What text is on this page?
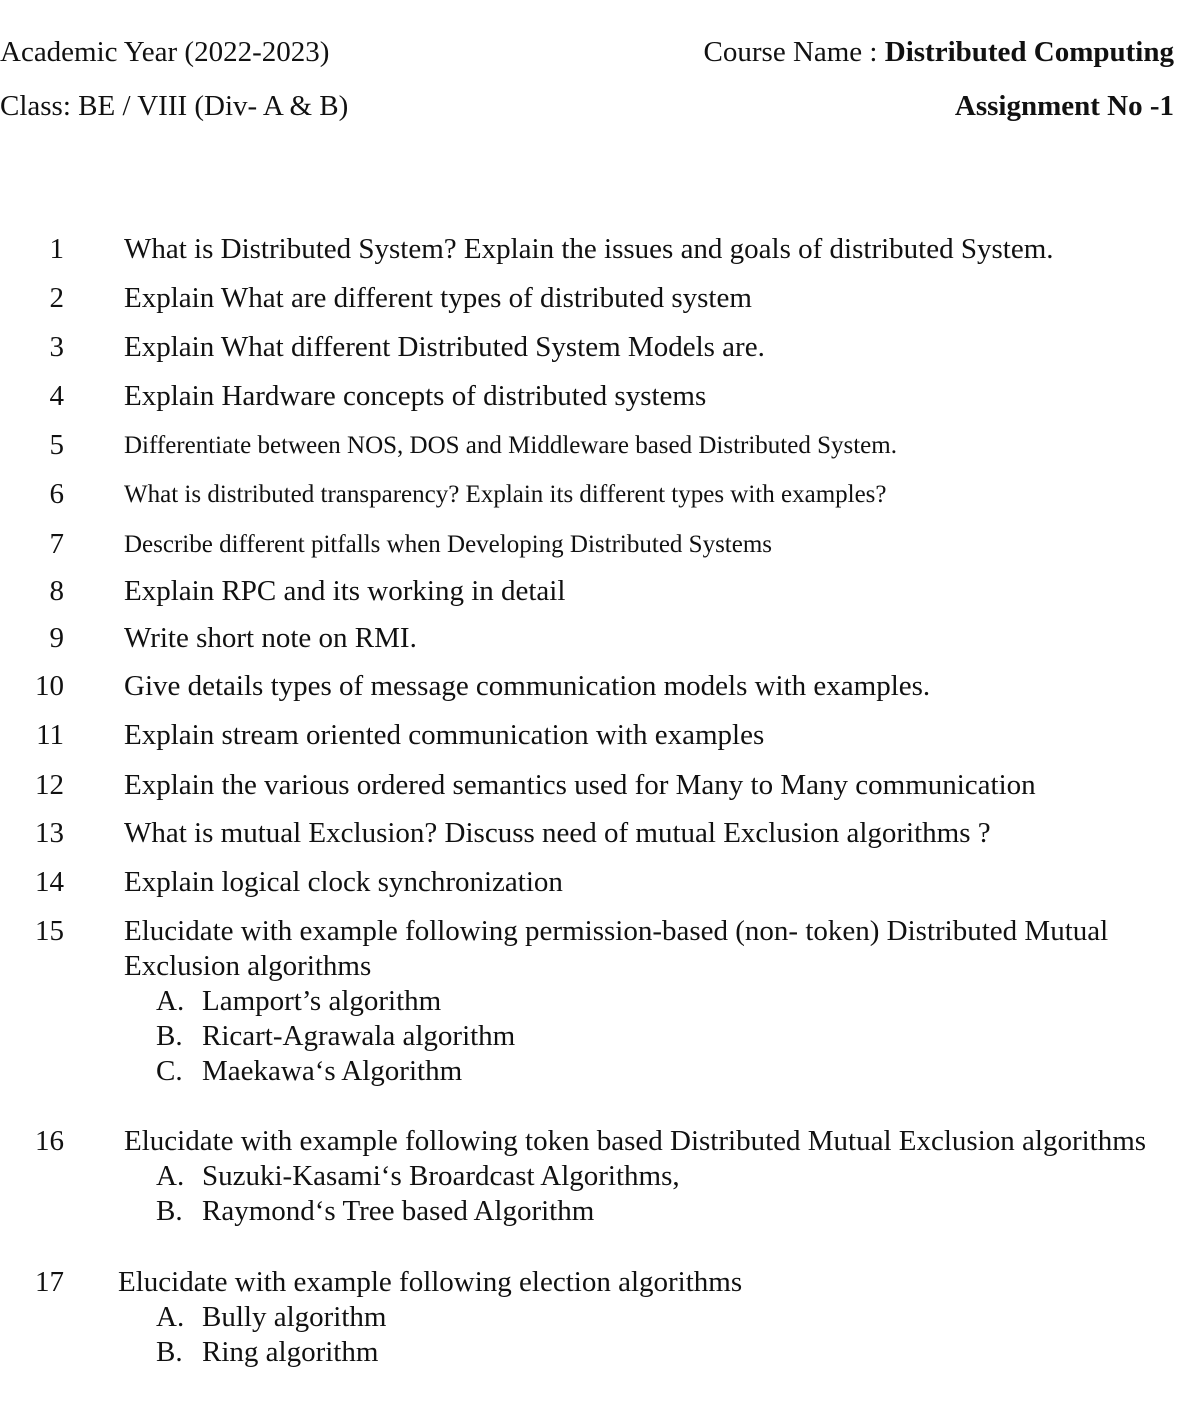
Academic Year (2022-2023)
Class: BE / VIII (Div- A & B)
Course Name : Distributed Computing
Assignment No -1
1 What is Distributed System? Explain the issues and goals of distributed System.
2 Explain What are different types of distributed system
3 Explain What different Distributed System Models are.
4 Explain Hardware concepts of distributed systems
5 Differentiate between NOS, DOS and Middleware based Distributed System.
6 What is distributed transparency? Explain its different types with examples?
7 Describe different pitfalls when Developing Distributed Systems
8 Explain RPC and its working in detail
9 Write short note on RMI.
10 Give details types of message communication models with examples.
11 Explain stream oriented communication with examples
12 Explain the various ordered semantics used for Many to Many communication
13 What is mutual Exclusion? Discuss need of mutual Exclusion algorithms ?
14 Explain logical clock synchronization
15 Elucidate with example following permission-based (non- token) Distributed Mutual Exclusion algorithms
A. Lamport’s algorithm
B. Ricart-Agrawala algorithm
C. Maekawa‘s Algorithm
16 Elucidate with example following token based Distributed Mutual Exclusion algorithms
A. Suzuki-Kasami‘s Broardcast Algorithms,
B. Raymond‘s Tree based Algorithm
17 Elucidate with example following election algorithms
A. Bully algorithm
B. Ring algorithm
